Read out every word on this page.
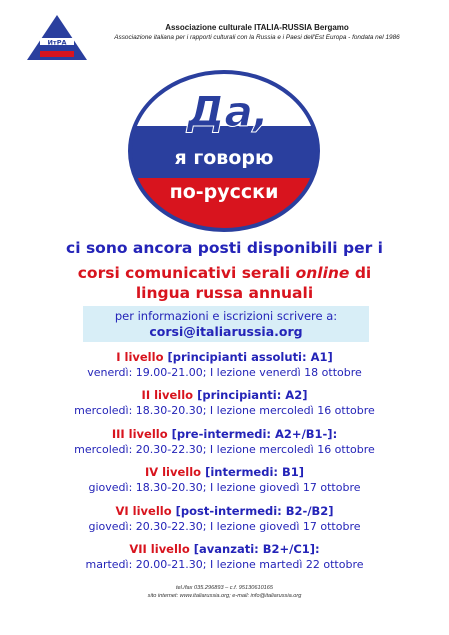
ИтРА
Associazione culturale ITALIA-RUSSIA Bergamo
Associazione italiana per i rapporti culturali con la Russia e i Paesi dell'Est Europa - fondata nel 1986
Да,
я говорю
по-русски
ci sono ancora posti disponibili per i
corsi comunicativi serali online di
lingua russa annuali
per informazioni e iscrizioni scrivere a:
corsi@italiarussia.org
I livello [principianti assoluti: A1]
venerdì: 19.00-21.00; I lezione venerdì 18 ottobre
II livello [principianti: A2]
mercoledì: 18.30-20.30; I lezione mercoledì 16 ottobre
III livello [pre-intermedi: A2+/B1-]:
mercoledì: 20.30-22.30; I lezione mercoledì 16 ottobre
IV livello [intermedi: B1]
giovedì: 18.30-20.30; I lezione giovedì 17 ottobre
VI livello [post-intermedi: B2-/B2]
giovedì: 20.30-22.30; I lezione giovedì 17 ottobre
VII livello [avanzati: B2+/C1]:
martedì: 20.00-21.30; I lezione martedì 22 ottobre
tel./fax 035.296893 – c.f. 95130610165
sito internet: www.italiarussia.org; e-mail: info@italiarussia.org
